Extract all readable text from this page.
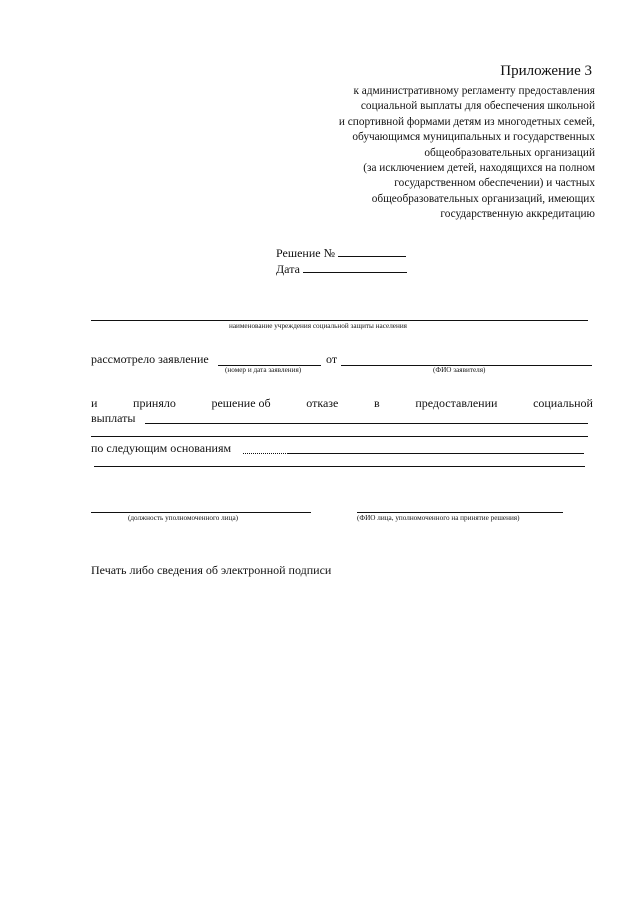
Приложение 3
к административному регламенту предоставления
социальной выплаты для обеспечения школьной
и спортивной формами детям из многодетных семей,
обучающимся муниципальных и государственных
общеобразовательных организаций
(за исключением детей, находящихся на полном
государственном обеспечении) и частных
общеобразовательных организаций, имеющих
государственную аккредитацию
Решение №
Дата
наименование учреждения социальной защиты населения
рассмотрело заявление
(номер и дата заявления)
от
(ФИО заявителя)
и	приняло	решение об	отказе	в	предоставлении	социальной
выплаты
по следующим основаниям
(должность уполномоченного лица)	(ФИО лица, уполномоченного на принятие решения)
Печать либо сведения об электронной подписи
